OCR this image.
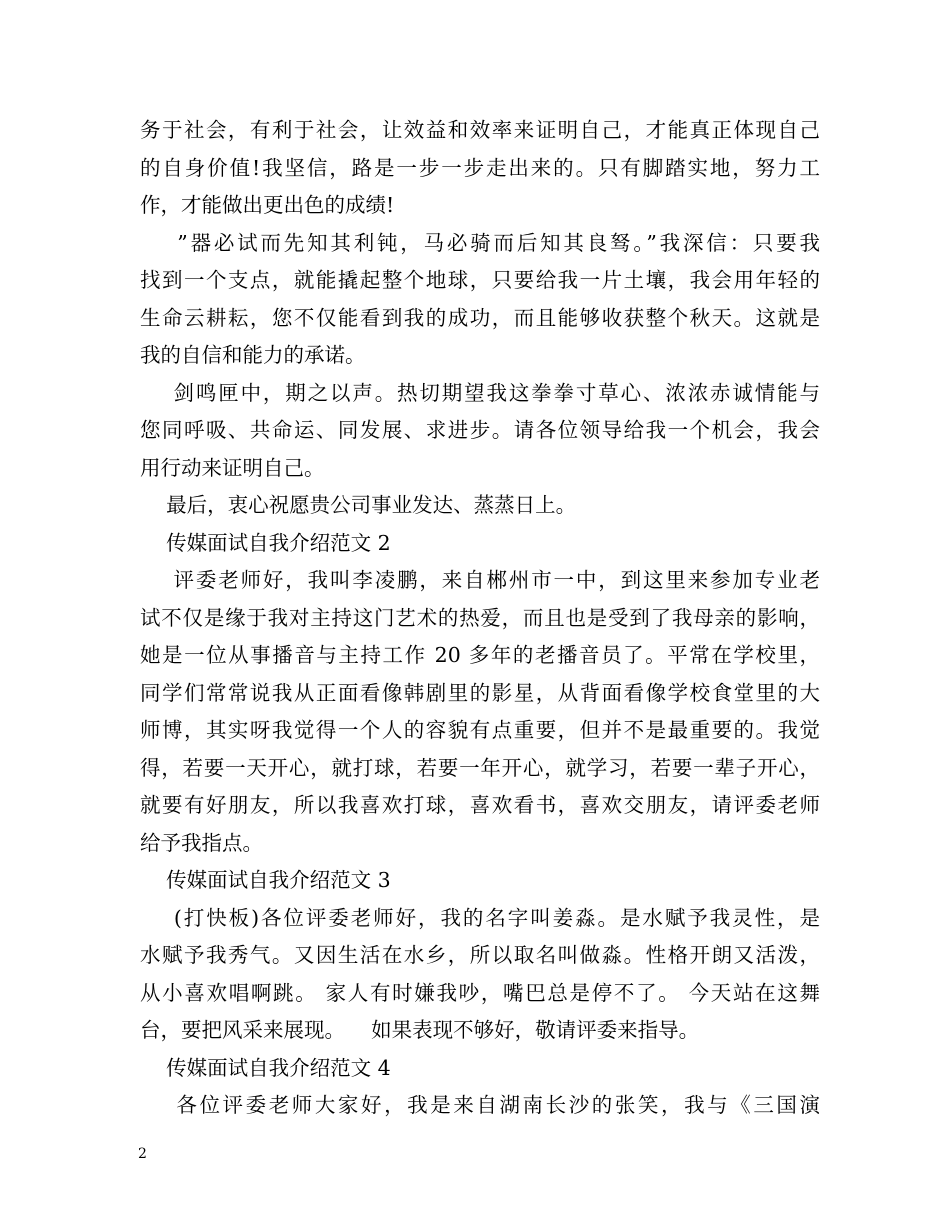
务于社会，有利于社会，让效益和效率来证明自己，才能真正体现自己
的自身价值!我坚信，路是一步一步走出来的。只有脚踏实地，努力工
作，才能做出更出色的成绩!
”器必试而先知其利钝，马必骑而后知其良驽。”我深信：只要我
找到一个支点，就能撬起整个地球，只要给我一片土壤，我会用年轻的
生命云耕耘，您不仅能看到我的成功，而且能够收获整个秋天。这就是
我的自信和能力的承诺。
剑鸣匣中，期之以声。热切期望我这拳拳寸草心、浓浓赤诚情能与
您同呼吸、共命运、同发展、求进步。请各位领导给我一个机会，我会
用行动来证明自己。
最后，衷心祝愿贵公司事业发达、蒸蒸日上。
传媒面试自我介绍范文 2
评委老师好，我叫李凌鹏，来自郴州市一中，到这里来参加专业老
试不仅是缘于我对主持这门艺术的热爱，而且也是受到了我母亲的影响，
她是一位从事播音与主持工作 20 多年的老播音员了。平常在学校里，
同学们常常说我从正面看像韩剧里的影星，从背面看像学校食堂里的大
师博，其实呀我觉得一个人的容貌有点重要，但并不是最重要的。我觉
得，若要一天开心，就打球，若要一年开心，就学习，若要一辈子开心，
就要有好朋友，所以我喜欢打球，喜欢看书，喜欢交朋友，请评委老师
给予我指点。
传媒面试自我介绍范文 3
(打快板)各位评委老师好，我的名字叫姜淼。是水赋予我灵性，是
水赋予我秀气。又因生活在水乡，所以取名叫做淼。性格开朗又活泼，
从小喜欢唱啊跳。 家人有时嫌我吵，嘴巴总是停不了。 今天站在这舞
台，要把风采来展现。    如果表现不够好，敬请评委来指导。
传媒面试自我介绍范文 4
各位评委老师大家好，我是来自湖南长沙的张笑，我与《三国演
2
